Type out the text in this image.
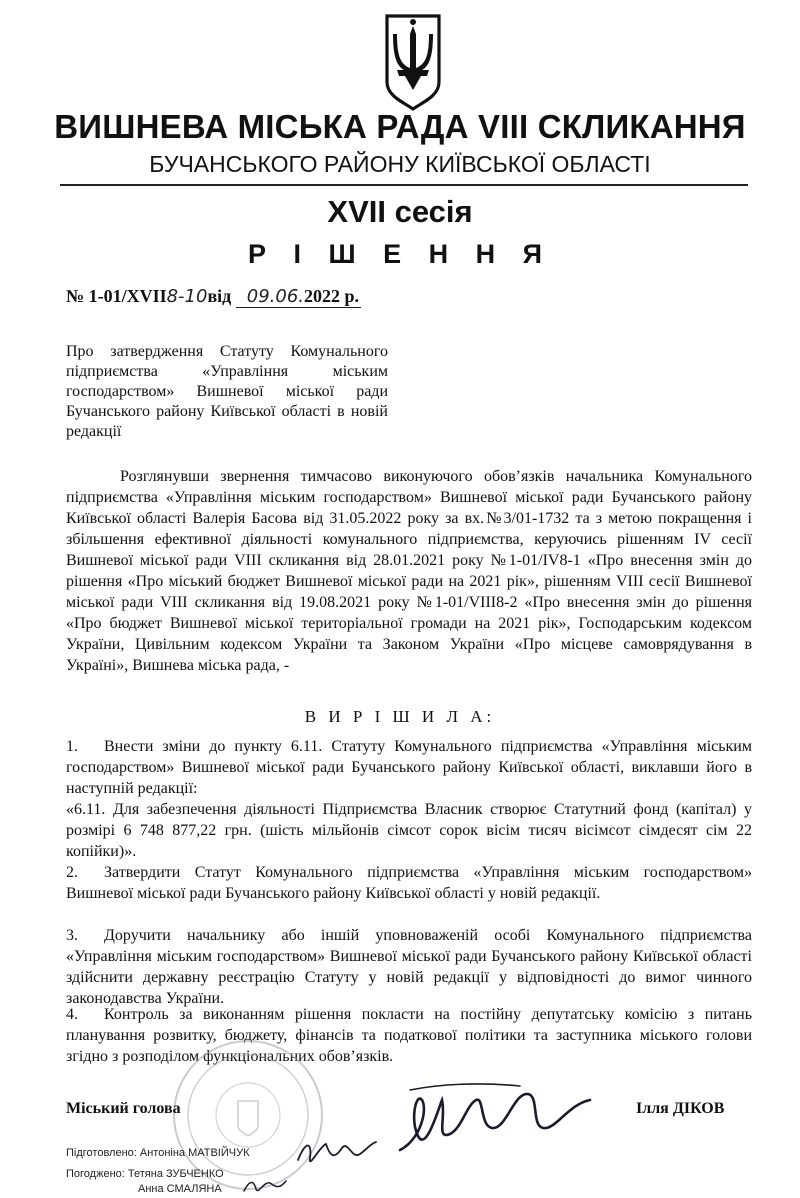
ВИШНЕВА МІСЬКА РАДА VIII СКЛИКАННЯ
БУЧАНСЬКОГО РАЙОНУ КИЇВСЬКОЇ ОБЛАСТІ
XVII сесія
Р І Ш Е Н Н Я
№ 1-01/XVII8-10від 09.06.2022 р.
Про затвердження Статуту Комунального підприємства «Управління міським господарством» Вишневої міської ради Бучанського району Київської області в новій редакції
Розглянувши звернення тимчасово виконуючого обов’язків начальника Комунального підприємства «Управління міським господарством» Вишневої міської ради Бучанського району Київської області Валерія Басова від 31.05.2022 року за вх.№3/01-1732 та з метою покращення і збільшення ефективної діяльності комунального підприємства, керуючись рішенням IV сесії Вишневої міської ради VIII скликання від 28.01.2021 року №1-01/IV8-1 «Про внесення змін до рішення «Про міський бюджет Вишневої міської ради на 2021 рік», рішенням VIII сесії Вишневої міської ради VIII скликання від 19.08.2021 року №1-01/VIII8-2 «Про внесення змін до рішення «Про бюджет Вишневої міської територіальної громади на 2021 рік», Господарським кодексом України, Цивільним кодексом України та Законом України «Про місцеве самоврядування в Україні», Вишнева міська рада, -
В И Р І Ш И Л А:
1. Внести зміни до пункту 6.11. Статуту Комунального підприємства «Управління міським господарством» Вишневої міської ради Бучанського району Київської області, виклавши його в наступній редакції:
«6.11. Для забезпечення діяльності Підприємства Власник створює Статутний фонд (капітал) у розмірі 6 748 877,22 грн. (шість мільйонів сімсот сорок вісім тисяч вісімсот сімдесят сім 22 копійки)».
2. Затвердити Статут Комунального підприємства «Управління міським господарством» Вишневої міської ради Бучанського району Київської області у новій редакції.
3. Доручити начальнику або іншій уповноваженій особі Комунального підприємства «Управління міським господарством» Вишневої міської ради Бучанського району Київської області здійснити державну реєстрацію Статуту у новій редакції у відповідності до вимог чинного законодавства України.
4. Контроль за виконанням рішення покласти на постійну депутатську комісію з питань планування розвитку, бюджету, фінансів та податкової політики та заступника міського голови згідно з розподілом функціональних обов’язків.
Міський голова	Ілля ДІКОВ
Підготовлено: Антоніна МАТВІЙЧУК
Погоджено: Тетяна ЗУБЧЕНКО
Анна СМАЛЯНА
